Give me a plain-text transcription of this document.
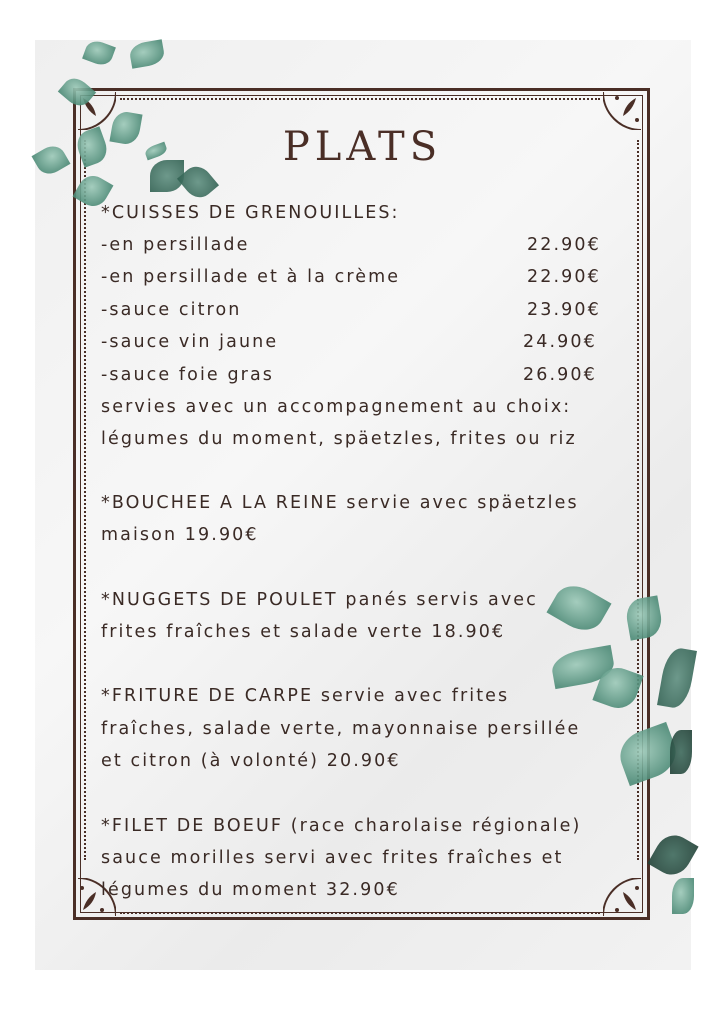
PLATS
*CUISSES DE GRENOUILLES:
-en persillade	22.90€
-en persillade et à la crème	22.90€
-sauce citron	23.90€
-sauce vin jaune	24.90€
-sauce foie gras	26.90€
servies avec un accompagnement au choix:
légumes du moment, späetzles, frites ou riz
*BOUCHEE A LA REINE servie avec späetzles
maison 19.90€
*NUGGETS DE POULET panés servis avec
frites fraîches et salade verte 18.90€
*FRITURE DE CARPE servie avec frites
fraîches, salade verte, mayonnaise persillée
et citron (à volonté) 20.90€
*FILET DE BOEUF (race charolaise régionale)
sauce morilles servi avec frites fraîches et
légumes du moment 32.90€
